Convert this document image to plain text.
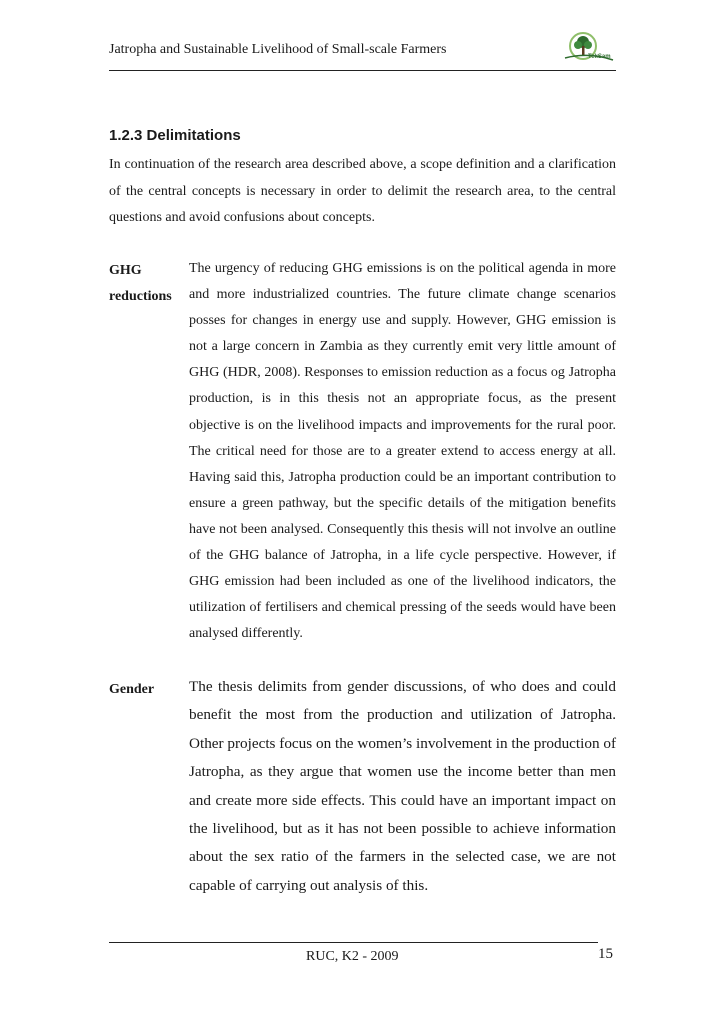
Jatropha and Sustainable Livelihood of Small-scale Farmers	TekSam
1.2.3 Delimitations
In continuation of the research area described above, a scope definition and a clarification of the central concepts is necessary in order to delimit the research area, to the central questions and avoid confusions about concepts.
GHG reductions
The urgency of reducing GHG emissions is on the political agenda in more and more industrialized countries. The future climate change scenarios posses for changes in energy use and supply. However, GHG emission is not a large concern in Zambia as they currently emit very little amount of GHG (HDR, 2008). Responses to emission reduction as a focus og Jatropha production, is in this thesis not an appropriate focus, as the present objective is on the livelihood impacts and improvements for the rural poor. The critical need for those are to a greater extend to access energy at all. Having said this, Jatropha production could be an important contribution to ensure a green pathway, but the specific details of the mitigation benefits have not been analysed. Consequently this thesis will not involve an outline of the GHG balance of Jatropha, in a life cycle perspective. However, if GHG emission had been included as one of the livelihood indicators, the utilization of fertilisers and chemical pressing of the seeds would have been analysed differently.
Gender The thesis delimits from gender discussions, of who does and could benefit the most from the production and utilization of Jatropha. Other projects focus on the women’s involvement in the production of Jatropha, as they argue that women use the income better than men and create more side effects. This could have an important impact on the livelihood, but as it has not been possible to achieve information about the sex ratio of the farmers in the selected case, we are not capable of carrying out analysis of this.
RUC, K2 - 2009	15
